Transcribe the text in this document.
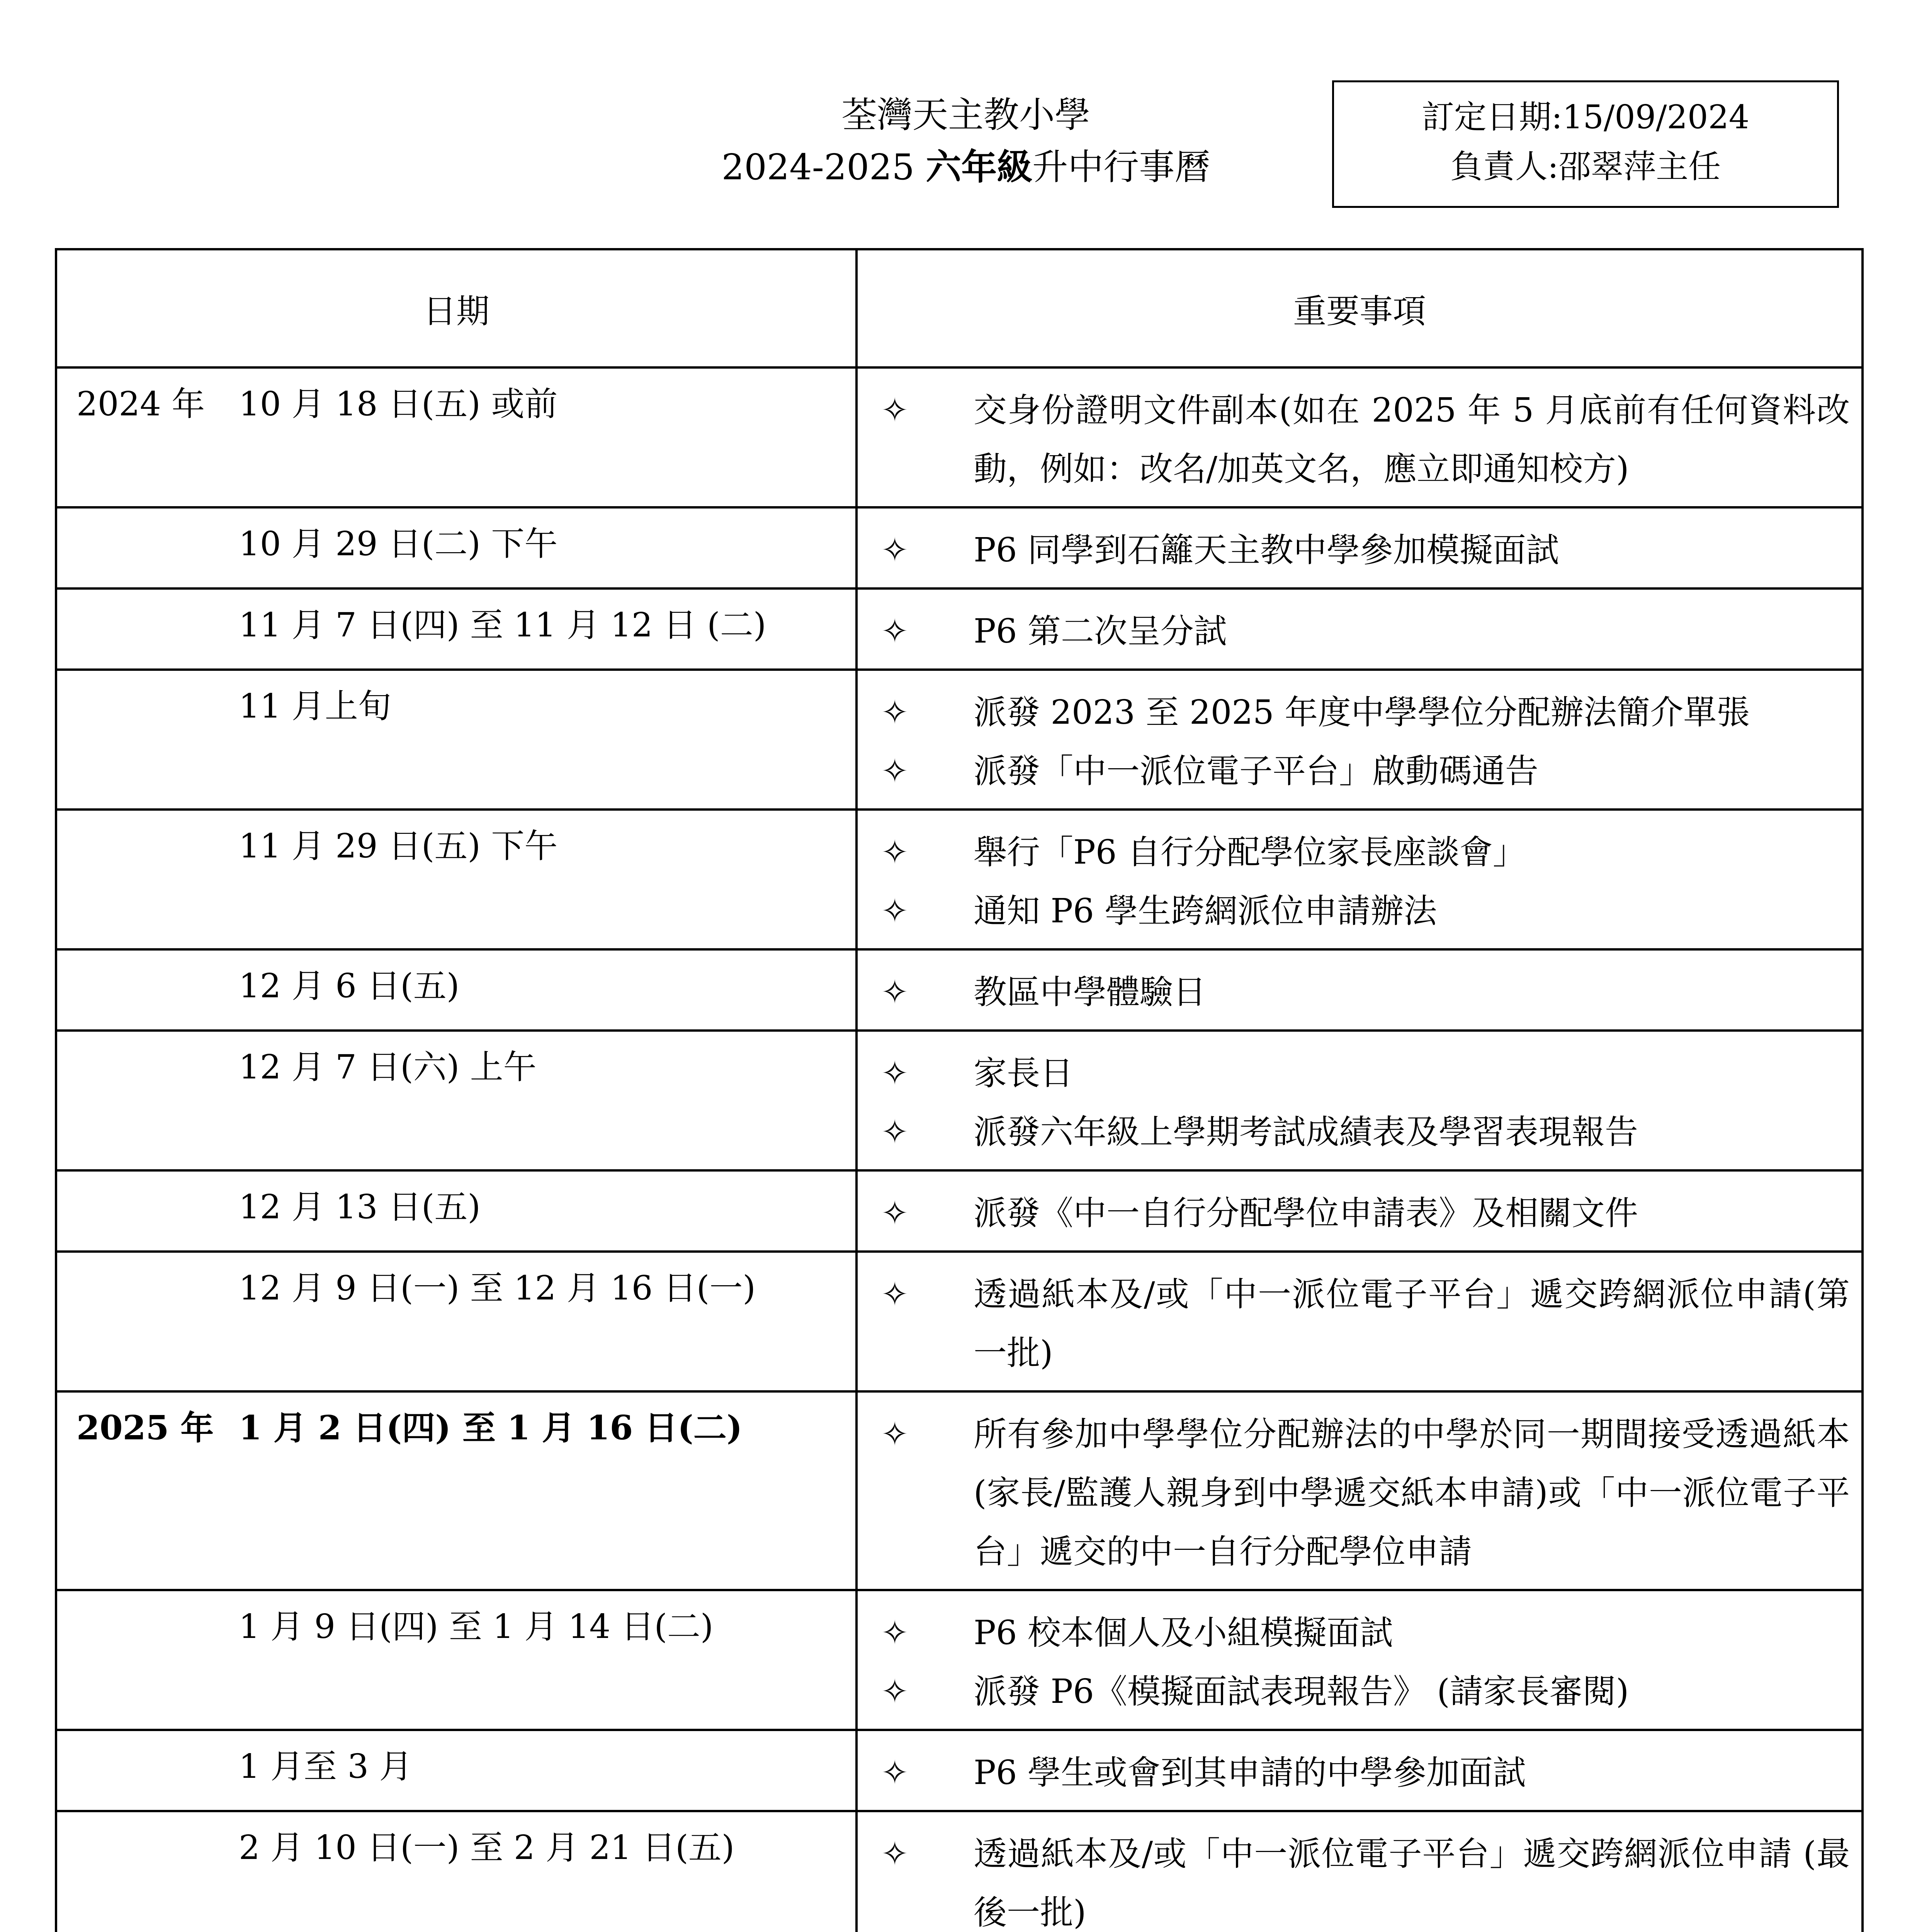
荃灣天主教小學
2024-2025 六年級升中行事曆
訂定日期:15/09/2024
負責人:邵翠萍主任
日期	重要事項

2024 年 10 月 18 日(五) 或前	✧ 交身份證明文件副本(如在 2025 年 5 月底前有任何資料改動，例如：改名/加英文名，應立即通知校方)

10 月 29 日(二) 下午	✧ P6 同學到石籬天主教中學參加模擬面試

11 月 7 日(四) 至 11 月 12 日 (二)	✧ P6 第二次呈分試

11 月上旬	✧ 派發 2023 至 2025 年度中學學位分配辦法簡介單張
✧ 派發「中一派位電子平台」啟動碼通告

11 月 29 日(五) 下午	✧ 舉行「P6 自行分配學位家長座談會」
✧ 通知 P6 學生跨網派位申請辦法

12 月 6 日(五)	✧ 教區中學體驗日

12 月 7 日(六) 上午	✧ 家長日
✧ 派發六年級上學期考試成績表及學習表現報告

12 月 13 日(五)	✧ 派發《中一自行分配學位申請表》及相關文件

12 月 9 日(一) 至 12 月 16 日(一)	✧ 透過紙本及/或「中一派位電子平台」遞交跨網派位申請(第一批)

2025 年 1 月 2 日(四) 至 1 月 16 日(二)	✧ 所有參加中學學位分配辦法的中學於同一期間接受透過紙本(家長/監護人親身到中學遞交紙本申請)或「中一派位電子平台」遞交的中一自行分配學位申請

1 月 9 日(四) 至 1 月 14 日(二)	✧ P6 校本個人及小組模擬面試
✧ 派發 P6《模擬面試表現報告》 (請家長審閱)

1 月至 3 月	✧ P6 學生或會到其申請的中學參加面試

2 月 10 日(一) 至 2 月 21 日(五)	✧ 透過紙本及/或「中一派位電子平台」遞交跨網派位申請 (最後一批)
